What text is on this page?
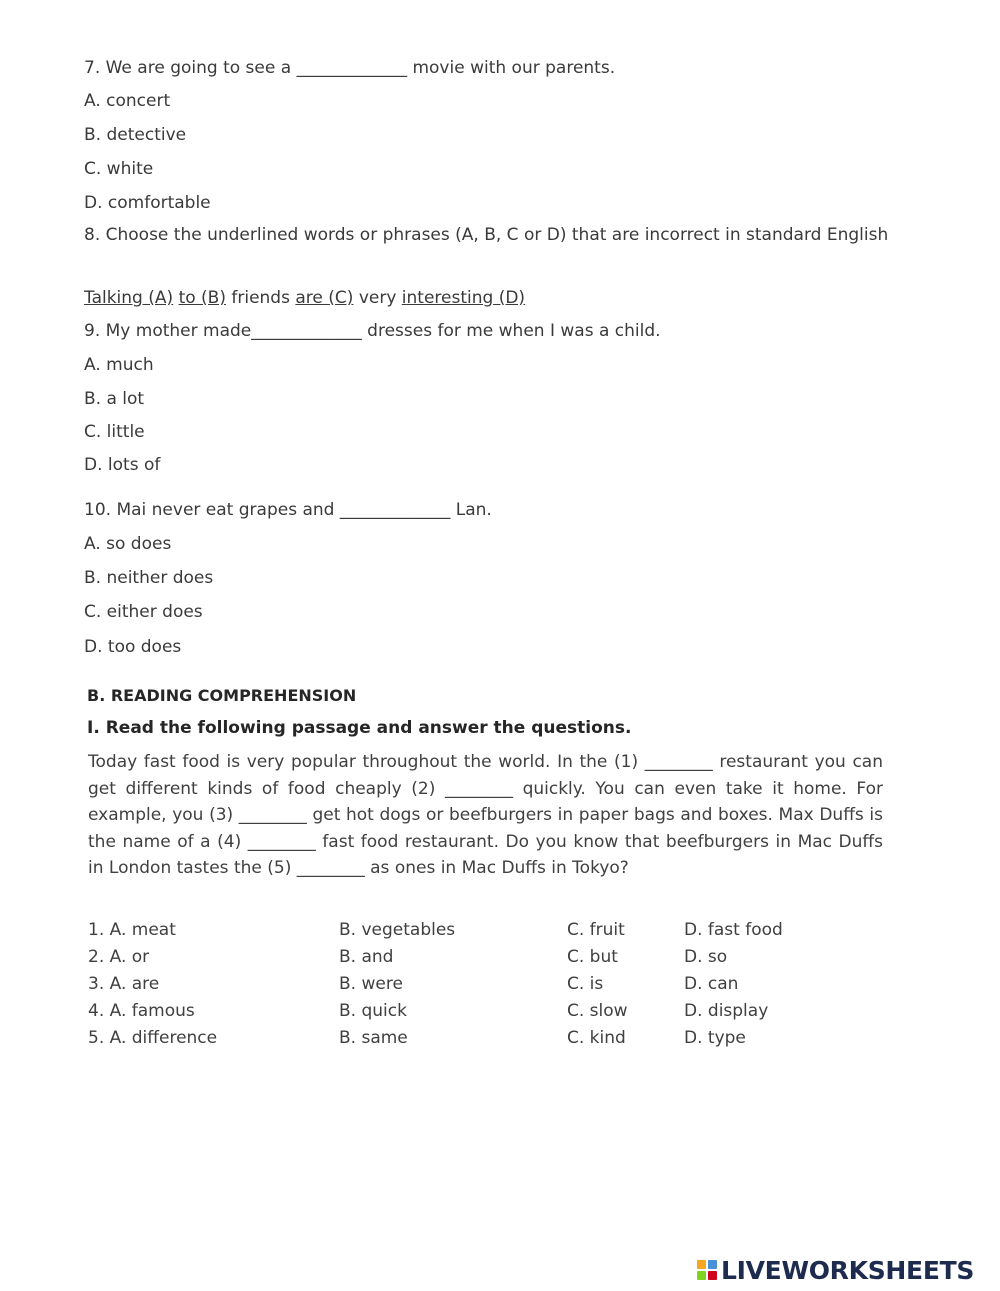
7. We are going to see a _____________ movie with our parents.
A. concert
B. detective
C. white
D. comfortable
8. Choose the underlined words or phrases (A, B, C or D) that are incorrect in standard English
Talking (A) to (B) friends are (C) very interesting (D)
9. My mother made_____________ dresses for me when I was a child.
A. much
B. a lot
C. little
D. lots of
10. Mai never eat grapes and _____________ Lan.
A. so does
B. neither does
C. either does
D. too does
B. READING COMPREHENSION
I. Read the following passage and answer the questions.
Today fast food is very popular throughout the world. In the (1) ________ restaurant you can get different kinds of food cheaply (2) ________ quickly. You can even take it home. For example, you (3) ________ get hot dogs or beefburgers in paper bags and boxes. Max Duffs is the name of a (4) ________ fast food restaurant. Do you know that beefburgers in Mac Duffs in London tastes the (5) ________ as ones in Mac Duffs in Tokyo?
1. A. meat	B. vegetables	C. fruit	D. fast food
2. A. or	B. and	C. but	D. so
3. A. are	B. were	C. is	D. can
4. A. famous	B. quick	C. slow	D. display
5. A. difference	B. same	C. kind	D. type
LIVEWORKSHEETS
